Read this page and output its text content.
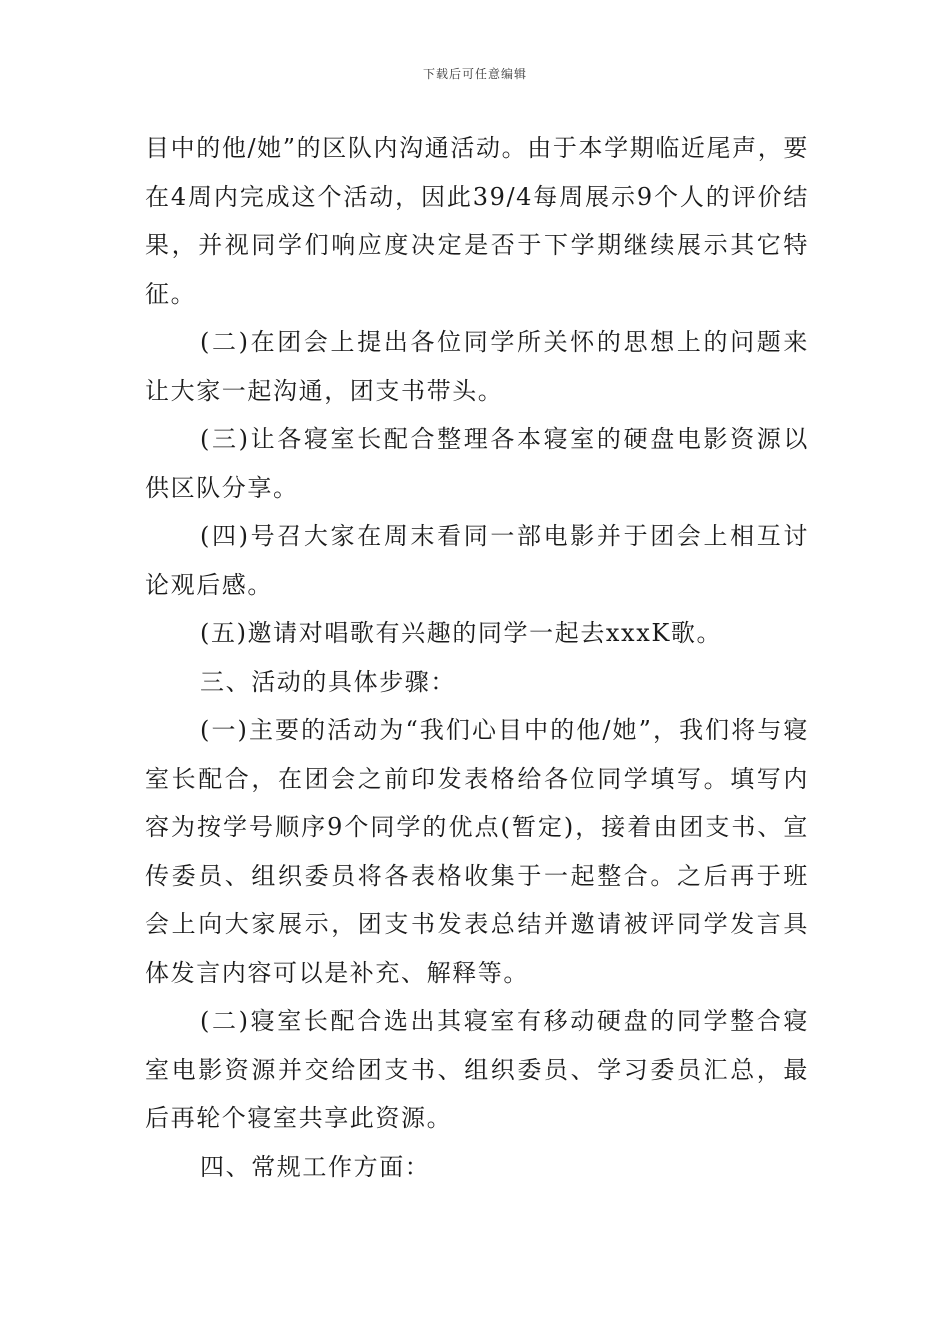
下载后可任意编辑

目中的他/她”的区队内沟通活动。由于本学期临近尾声，要在4周内完成这个活动，因此39/4每周展示9个人的评价结果，并视同学们响应度决定是否于下学期继续展示其它特征。

(二)在团会上提出各位同学所关怀的思想上的问题来让大家一起沟通，团支书带头。

(三)让各寝室长配合整理各本寝室的硬盘电影资源以供区队分享。

(四)号召大家在周末看同一部电影并于团会上相互讨论观后感。

(五)邀请对唱歌有兴趣的同学一起去xxxK歌。

三、活动的具体步骤：

(一)主要的活动为“我们心目中的他/她”，我们将与寝室长配合，在团会之前印发表格给各位同学填写。填写内容为按学号顺序9个同学的优点(暂定)，接着由团支书、宣传委员、组织委员将各表格收集于一起整合。之后再于班会上向大家展示，团支书发表总结并邀请被评同学发言具体发言内容可以是补充、解释等。

(二)寝室长配合选出其寝室有移动硬盘的同学整合寝室电影资源并交给团支书、组织委员、学习委员汇总，最后再轮个寝室共享此资源。

四、常规工作方面：
